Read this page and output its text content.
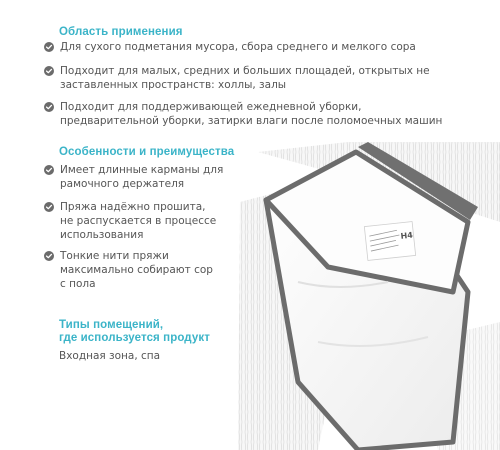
Область применения
Для сухого подметания мусора, сбора среднего и мелкого сора
Подходит для малых, средних и больших площадей, открытых не
заставленных пространств: холлы, залы
Подходит для поддерживающей ежедневной уборки,
предварительной уборки, затирки влаги после поломоечных машин
Особенности и преимущества
Имеет длинные карманы для
рамочного держателя
Пряжа надёжно прошита,
не распускается в процессе
использования
Тонкие нити пряжи
максимально собирают сор
с пола
Типы помещений,
где используется продукт
Входная зона, спа
Н4
